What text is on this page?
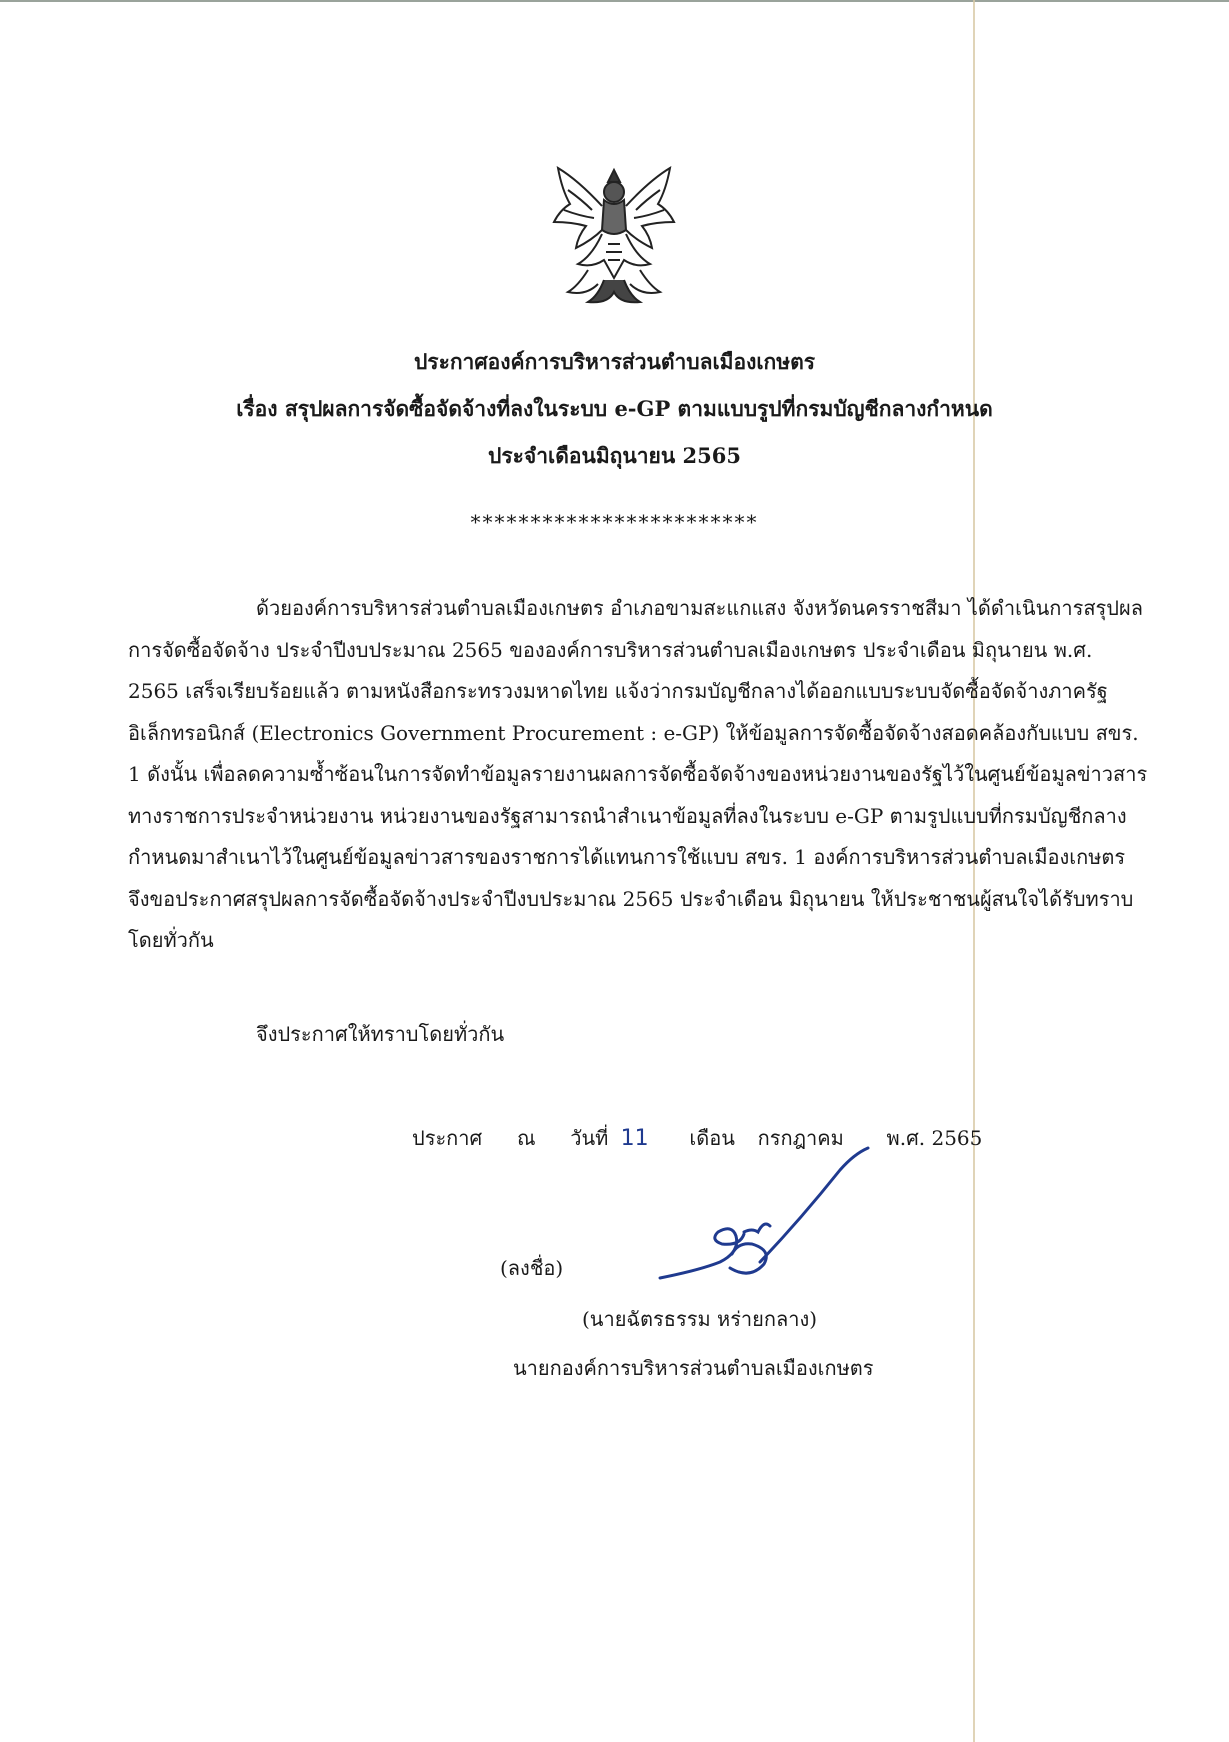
ประกาศองค์การบริหารส่วนตำบลเมืองเกษตร
เรื่อง สรุปผลการจัดซื้อจัดจ้างที่ลงในระบบ e-GP ตามแบบรูปที่กรมบัญชีกลางกำหนด
ประจำเดือนมิถุนายน 2565
************************

ด้วยองค์การบริหารส่วนตำบลเมืองเกษตร อำเภอขามสะแกแสง จังหวัดนครราชสีมา ได้ดำเนินการสรุปผลการจัดซื้อจัดจ้าง ประจำปีงบประมาณ 2565 ขององค์การบริหารส่วนตำบลเมืองเกษตร ประจำเดือน มิถุนายน พ.ศ. 2565 เสร็จเรียบร้อยแล้ว ตามหนังสือกระทรวงมหาดไทย แจ้งว่ากรมบัญชีกลางได้ออกแบบระบบจัดซื้อจัดจ้างภาครัฐอิเล็กทรอนิกส์ (Electronics Government Procurement : e-GP) ให้ข้อมูลการจัดซื้อจัดจ้างสอดคล้องกับแบบ สขร. 1 ดังนั้น เพื่อลดความซ้ำซ้อนในการจัดทำข้อมูลรายงานผลการจัดซื้อจัดจ้างของหน่วยงานของรัฐไว้ในศูนย์ข้อมูลข่าวสารทางราชการประจำหน่วยงาน หน่วยงานของรัฐสามารถนำสำเนาข้อมูลที่ลงในระบบ e-GP ตามรูปแบบที่กรมบัญชีกลางกำหนดมาสำเนาไว้ในศูนย์ข้อมูลข่าวสารของราชการได้แทนการใช้แบบ สขร. 1 องค์การบริหารส่วนตำบลเมืองเกษตร จึงขอประกาศสรุปผลการจัดซื้อจัดจ้างประจำปีงบประมาณ 2565 ประจำเดือน มิถุนายน ให้ประชาชนผู้สนใจได้รับทราบโดยทั่วกัน

จึงประกาศให้ทราบโดยทั่วกัน
ประกาศ ณ วันที่ 11 เดือน กรกฎาคม พ.ศ. 2565
(ลงชื่อ)
(นายฉัตรธรรม หร่ายกลาง)
นายกองค์การบริหารส่วนตำบลเมืองเกษตร
